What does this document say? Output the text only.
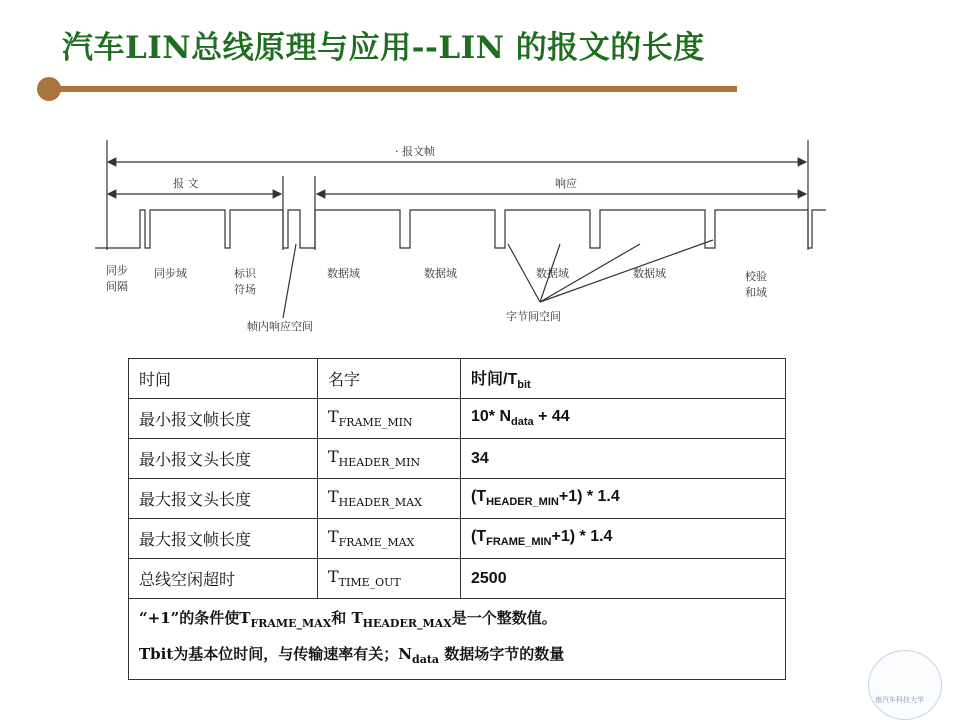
汽车LIN总线原理与应用--LIN 的报文的长度
· 报文帧
报 文	响应
同步
间隔
同步域	标识
符场
数据域	数据域	数据域	数据域	校验
和域
帧内响应空间
字节间空间
时间	名字	时间$/T_{bit}$
最小报文帧长度	$T_{FRAME\_MIN}$	10* $N_{data} + 44$
最小报文头长度	$T_{HEADER\_MIN}$	34
最大报文头长度	$T_{HEADER\_MAX}$	$(T_{HEADER\_MIN}+1) * 1.4$
最大报文帧长度	$T_{FRAME\_MAX}$	$(T_{FRAME\_MIN}+1) * 1.4$
总线空闲超时	$T_{TIME\_OUT}$	2500

“+1”的条件使$T_{FRAME\_MAX}$和 $T_{HEADER\_MAX}$是一个整数值。
Tbit为基本位时间，与传输速率有关；$N_{data}$ 数据场字节的数量		
南汽车科技大学
